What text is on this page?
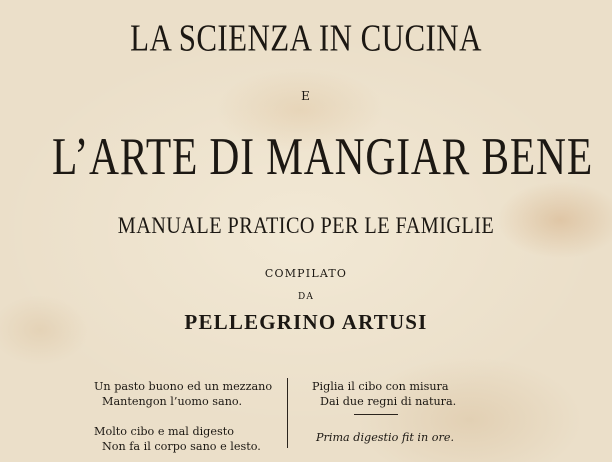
LA SCIENZA IN CUCINA
E
L’ARTE DI MANGIAR BENE
MANUALE PRATICO PER LE FAMIGLIE
COMPILATO
DA
PELLEGRINO ARTUSI
Un pasto buono ed un mezzano
Mantengon l’uomo sano.
Molto cibo e mal digesto
Non fa il corpo sano e lesto.
Piglia il cibo con misura
Dai due regni di natura.
Prima digestio fit in ore.
